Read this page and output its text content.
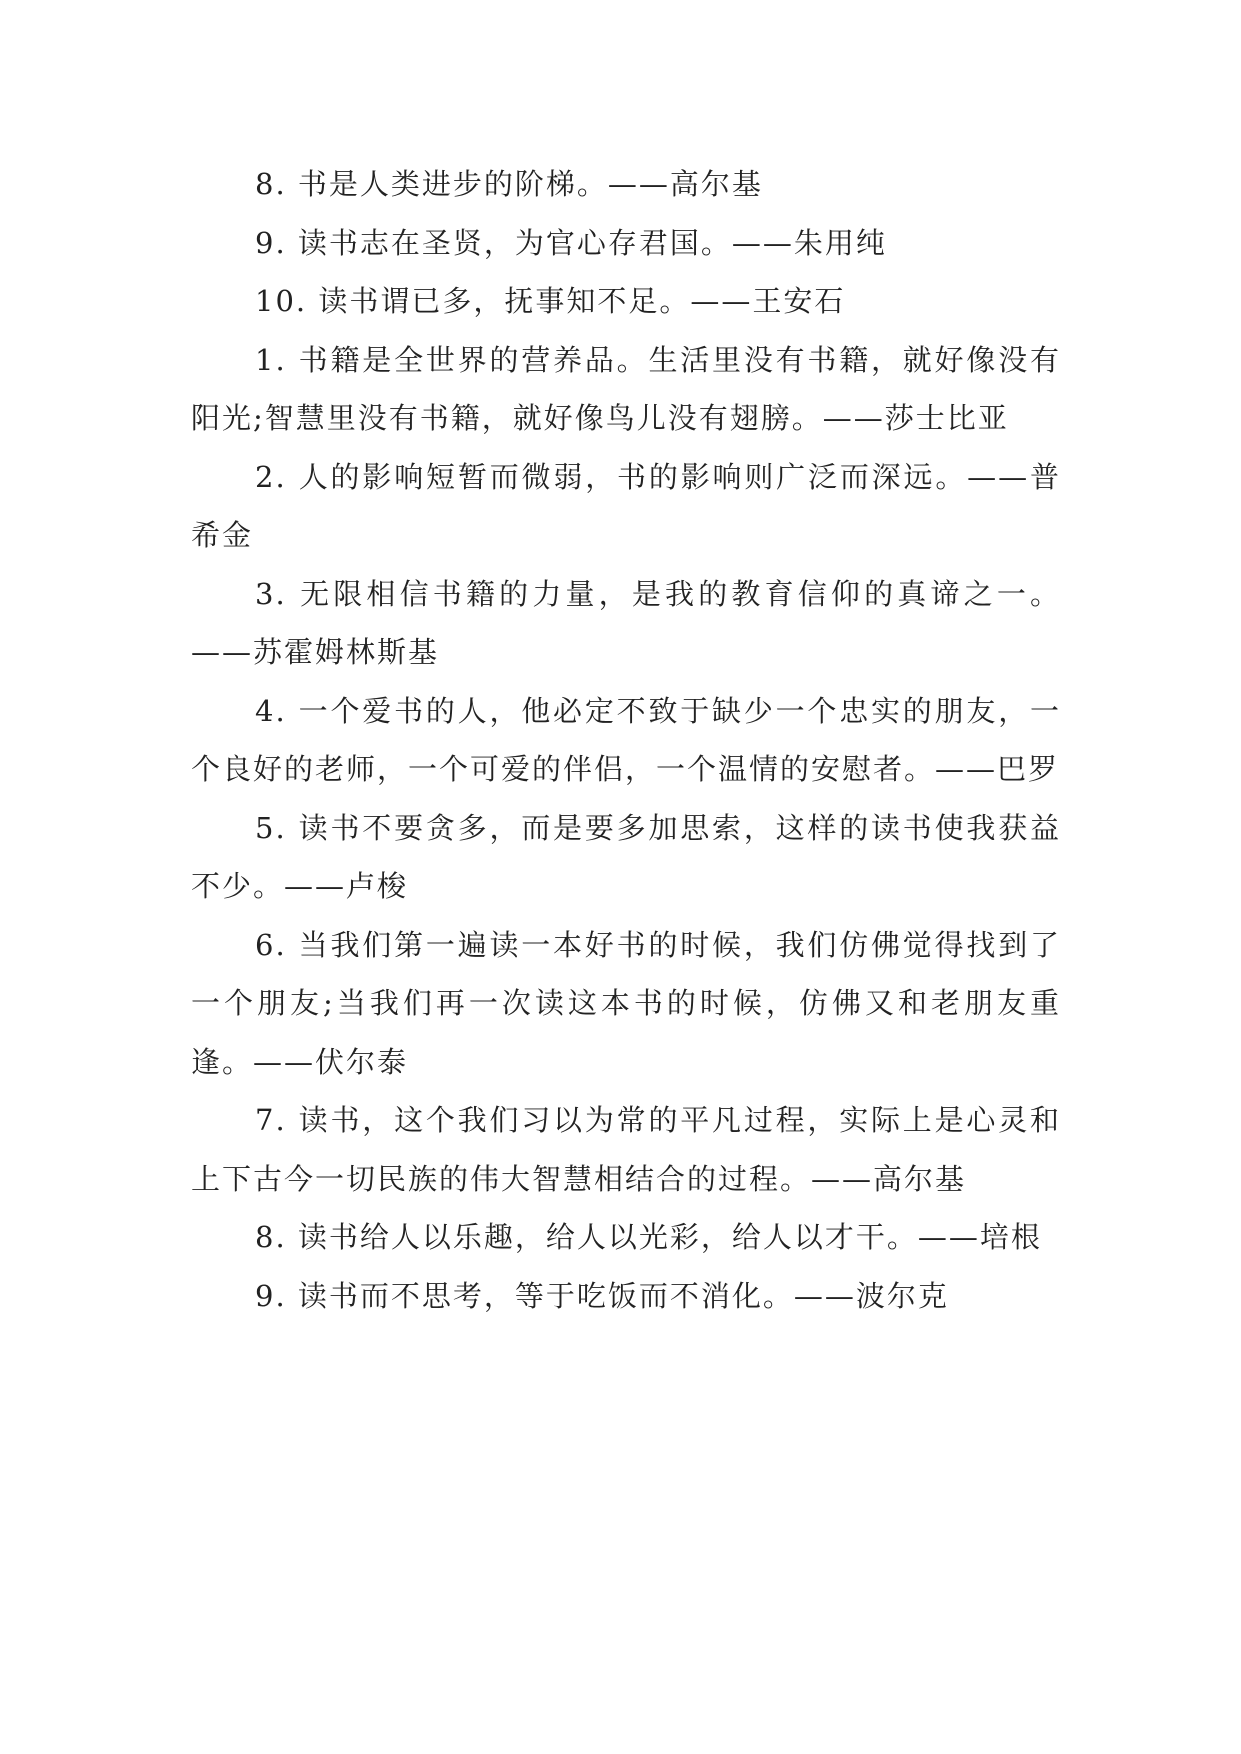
8. 书是人类进步的阶梯。——高尔基

9. 读书志在圣贤，为官心存君国。——朱用纯

10. 读书谓已多，抚事知不足。——王安石

1. 书籍是全世界的营养品。生活里没有书籍，就好像没有阳光;智慧里没有书籍，就好像鸟儿没有翅膀。——莎士比亚

2. 人的影响短暂而微弱，书的影响则广泛而深远。——普希金

3. 无限相信书籍的力量，是我的教育信仰的真谛之一。——苏霍姆林斯基

4. 一个爱书的人，他必定不致于缺少一个忠实的朋友，一个良好的老师，一个可爱的伴侣，一个温情的安慰者。——巴罗

5. 读书不要贪多，而是要多加思索，这样的读书使我获益不少。——卢梭

6. 当我们第一遍读一本好书的时候，我们仿佛觉得找到了一个朋友;当我们再一次读这本书的时候，仿佛又和老朋友重逢。——伏尔泰

7. 读书，这个我们习以为常的平凡过程，实际上是心灵和上下古今一切民族的伟大智慧相结合的过程。——高尔基

8. 读书给人以乐趣，给人以光彩，给人以才干。——培根

9. 读书而不思考，等于吃饭而不消化。——波尔克
